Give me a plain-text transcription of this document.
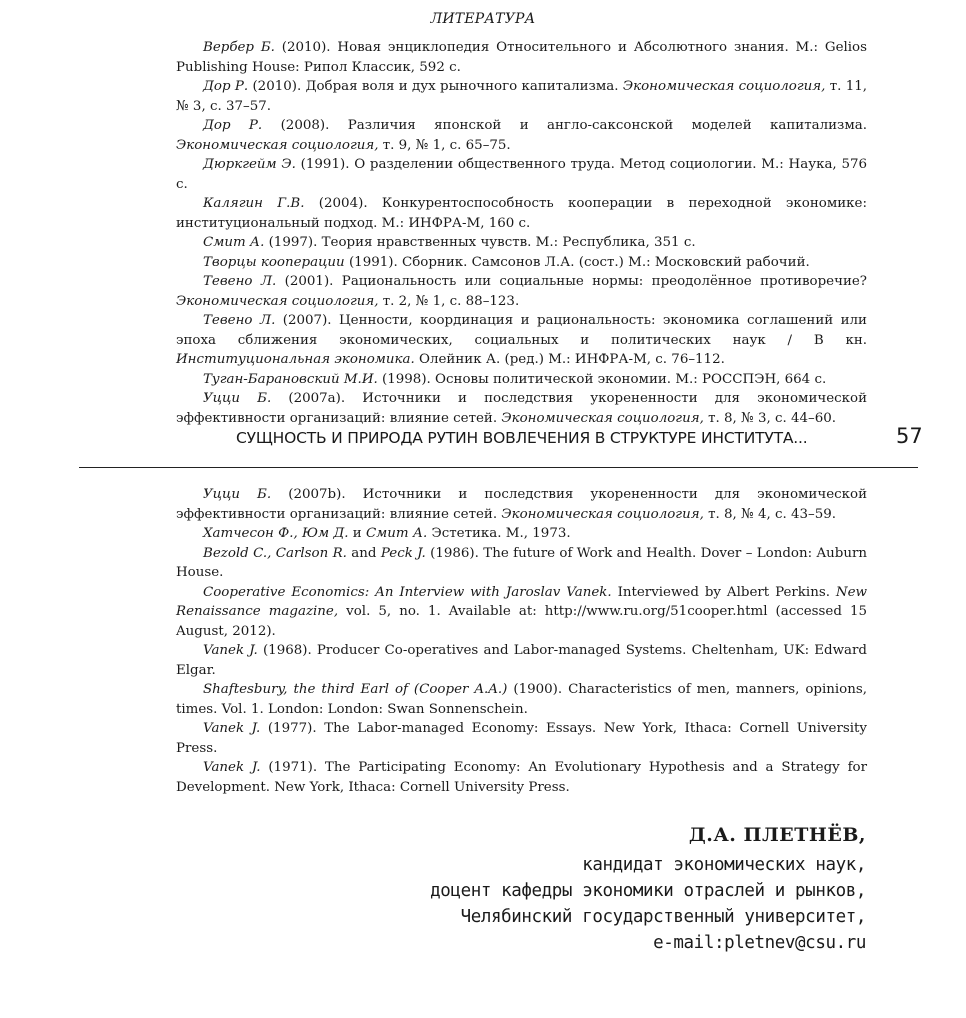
ЛИТЕРАТУРА

Вербер Б. (2010). Новая энциклопедия Относительного и Абсолютного знания. М.: Gelios Publishing House: Рипол Классик, 592 с.

Дор Р. (2010). Добрая воля и дух рыночного капитализма. Экономическая социология, т. 11, № 3, с. 37–57.

Дор Р. (2008). Различия японской и англо-саксонской моделей капитализма. Экономическая социология, т. 9, № 1, с. 65–75.

Дюркгейм Э. (1991). О разделении общественного труда. Метод социологии. М.: Наука, 576 с.

Калягин Г.В. (2004). Конкурентоспособность кооперации в переходной экономике: институциональный подход. М.: ИНФРА-М, 160 с.

Смит А. (1997). Теория нравственных чувств. М.: Республика, 351 с.

Творцы кооперации (1991). Сборник. Самсонов Л.А. (сост.) М.: Московский рабочий.

Тевено Л. (2001). Рациональность или социальные нормы: преодолённое противоречие? Экономическая социология, т. 2, № 1, с. 88–123.

Тевено Л. (2007). Ценности, координация и рациональность: экономика соглашений или эпоха сближения экономических, социальных и политических наук / В кн. Институциональная экономика. Олейник А. (ред.) М.: ИНФРА-М, с. 76–112.

Туган-Барановский М.И. (1998). Основы политической экономии. М.: РОССПЭН, 664 с.

Уцци Б. (2007a). Источники и последствия укорененности для экономической эффективности организаций: влияние сетей. Экономическая социология, т. 8, № 3, с. 44–60.

СУЩНОСТЬ И ПРИРОДА РУТИН ВОВЛЕЧЕНИЯ В СТРУКТУРЕ ИНСТИТУТА...	57

Уцци Б. (2007b). Источники и последствия укорененности для экономической эффективности организаций: влияние сетей. Экономическая социология, т. 8, № 4, с. 43–59.

Хатчесон Ф., Юм Д. и Смит А. Эстетика. М., 1973.

Bezold C., Carlson R. and Peck J. (1986). The future of Work and Health. Dover – London: Auburn House.

Cooperative Economics: An Interview with Jaroslav Vanek. Interviewed by Albert Perkins. New Renaissance magazine, vol. 5, no. 1. Available at: http://www.ru.org/51cooper.html (accessed 15 August, 2012).

Vanek J. (1968). Producer Co-operatives and Labor-managed Systems. Cheltenham, UK: Edward Elgar.

Shaftesbury, the third Earl of (Cooper A.A.) (1900). Characteristics of men, manners, opinions, times. Vol. 1. London: London: Swan Sonnenschein.

Vanek J. (1977). The Labor-managed Economy: Essays. New York, Ithaca: Cornell University Press.

Vanek J. (1971). The Participating Economy: An Evolutionary Hypothesis and a Strategy for Development. New York, Ithaca: Cornell University Press.

Д.А. ПЛЕТНЁВ,
кандидат экономических наук,
доцент кафедры экономики отраслей и рынков,
Челябинский государственный университет,
e-mail:pletnev@csu.ru
